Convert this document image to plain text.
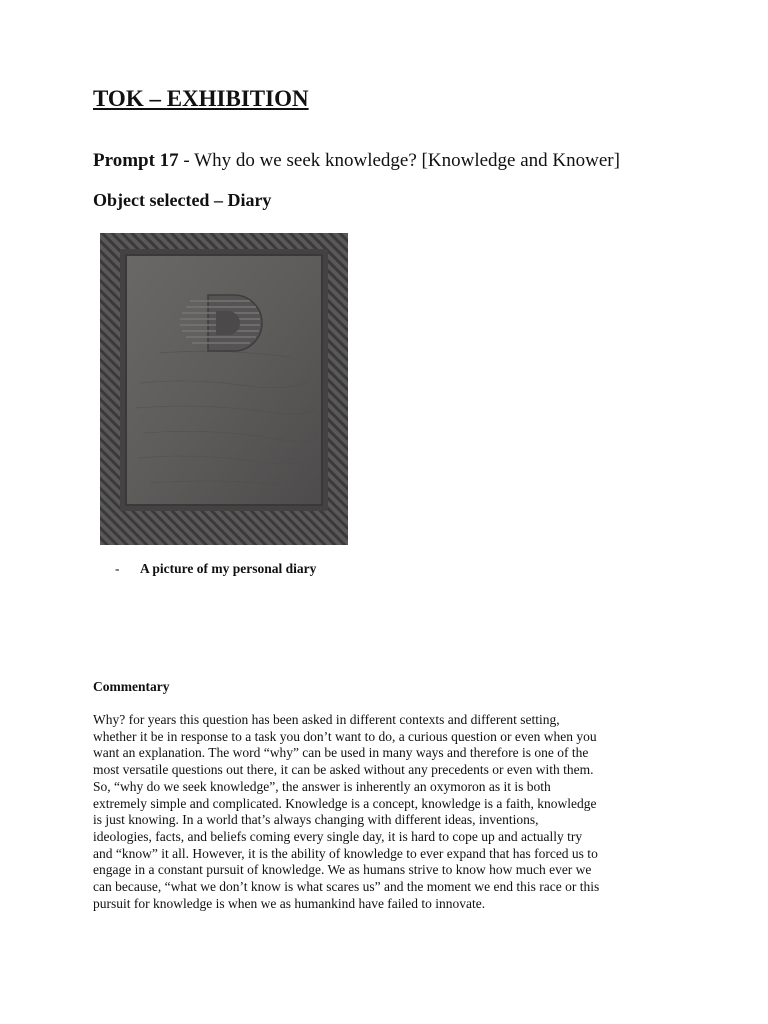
TOK – EXHIBITION

Prompt 17 - Why do we seek knowledge? [Knowledge and Knower]

Object selected – Diary

- A picture of my personal diary
Commentary

Why? for years this question has been asked in different contexts and different setting,
whether it be in response to a task you don’t want to do, a curious question or even when you
want an explanation. The word “why” can be used in many ways and therefore is one of the
most versatile questions out there, it can be asked without any precedents or even with them.
So, “why do we seek knowledge”, the answer is inherently an oxymoron as it is both
extremely simple and complicated. Knowledge is a concept, knowledge is a faith, knowledge
is just knowing. In a world that’s always changing with different ideas, inventions,
ideologies, facts, and beliefs coming every single day, it is hard to cope up and actually try
and “know” it all. However, it is the ability of knowledge to ever expand that has forced us to
engage in a constant pursuit of knowledge. We as humans strive to know how much ever we
can because, “what we don’t know is what scares us” and the moment we end this race or this
pursuit for knowledge is when we as humankind have failed to innovate.
